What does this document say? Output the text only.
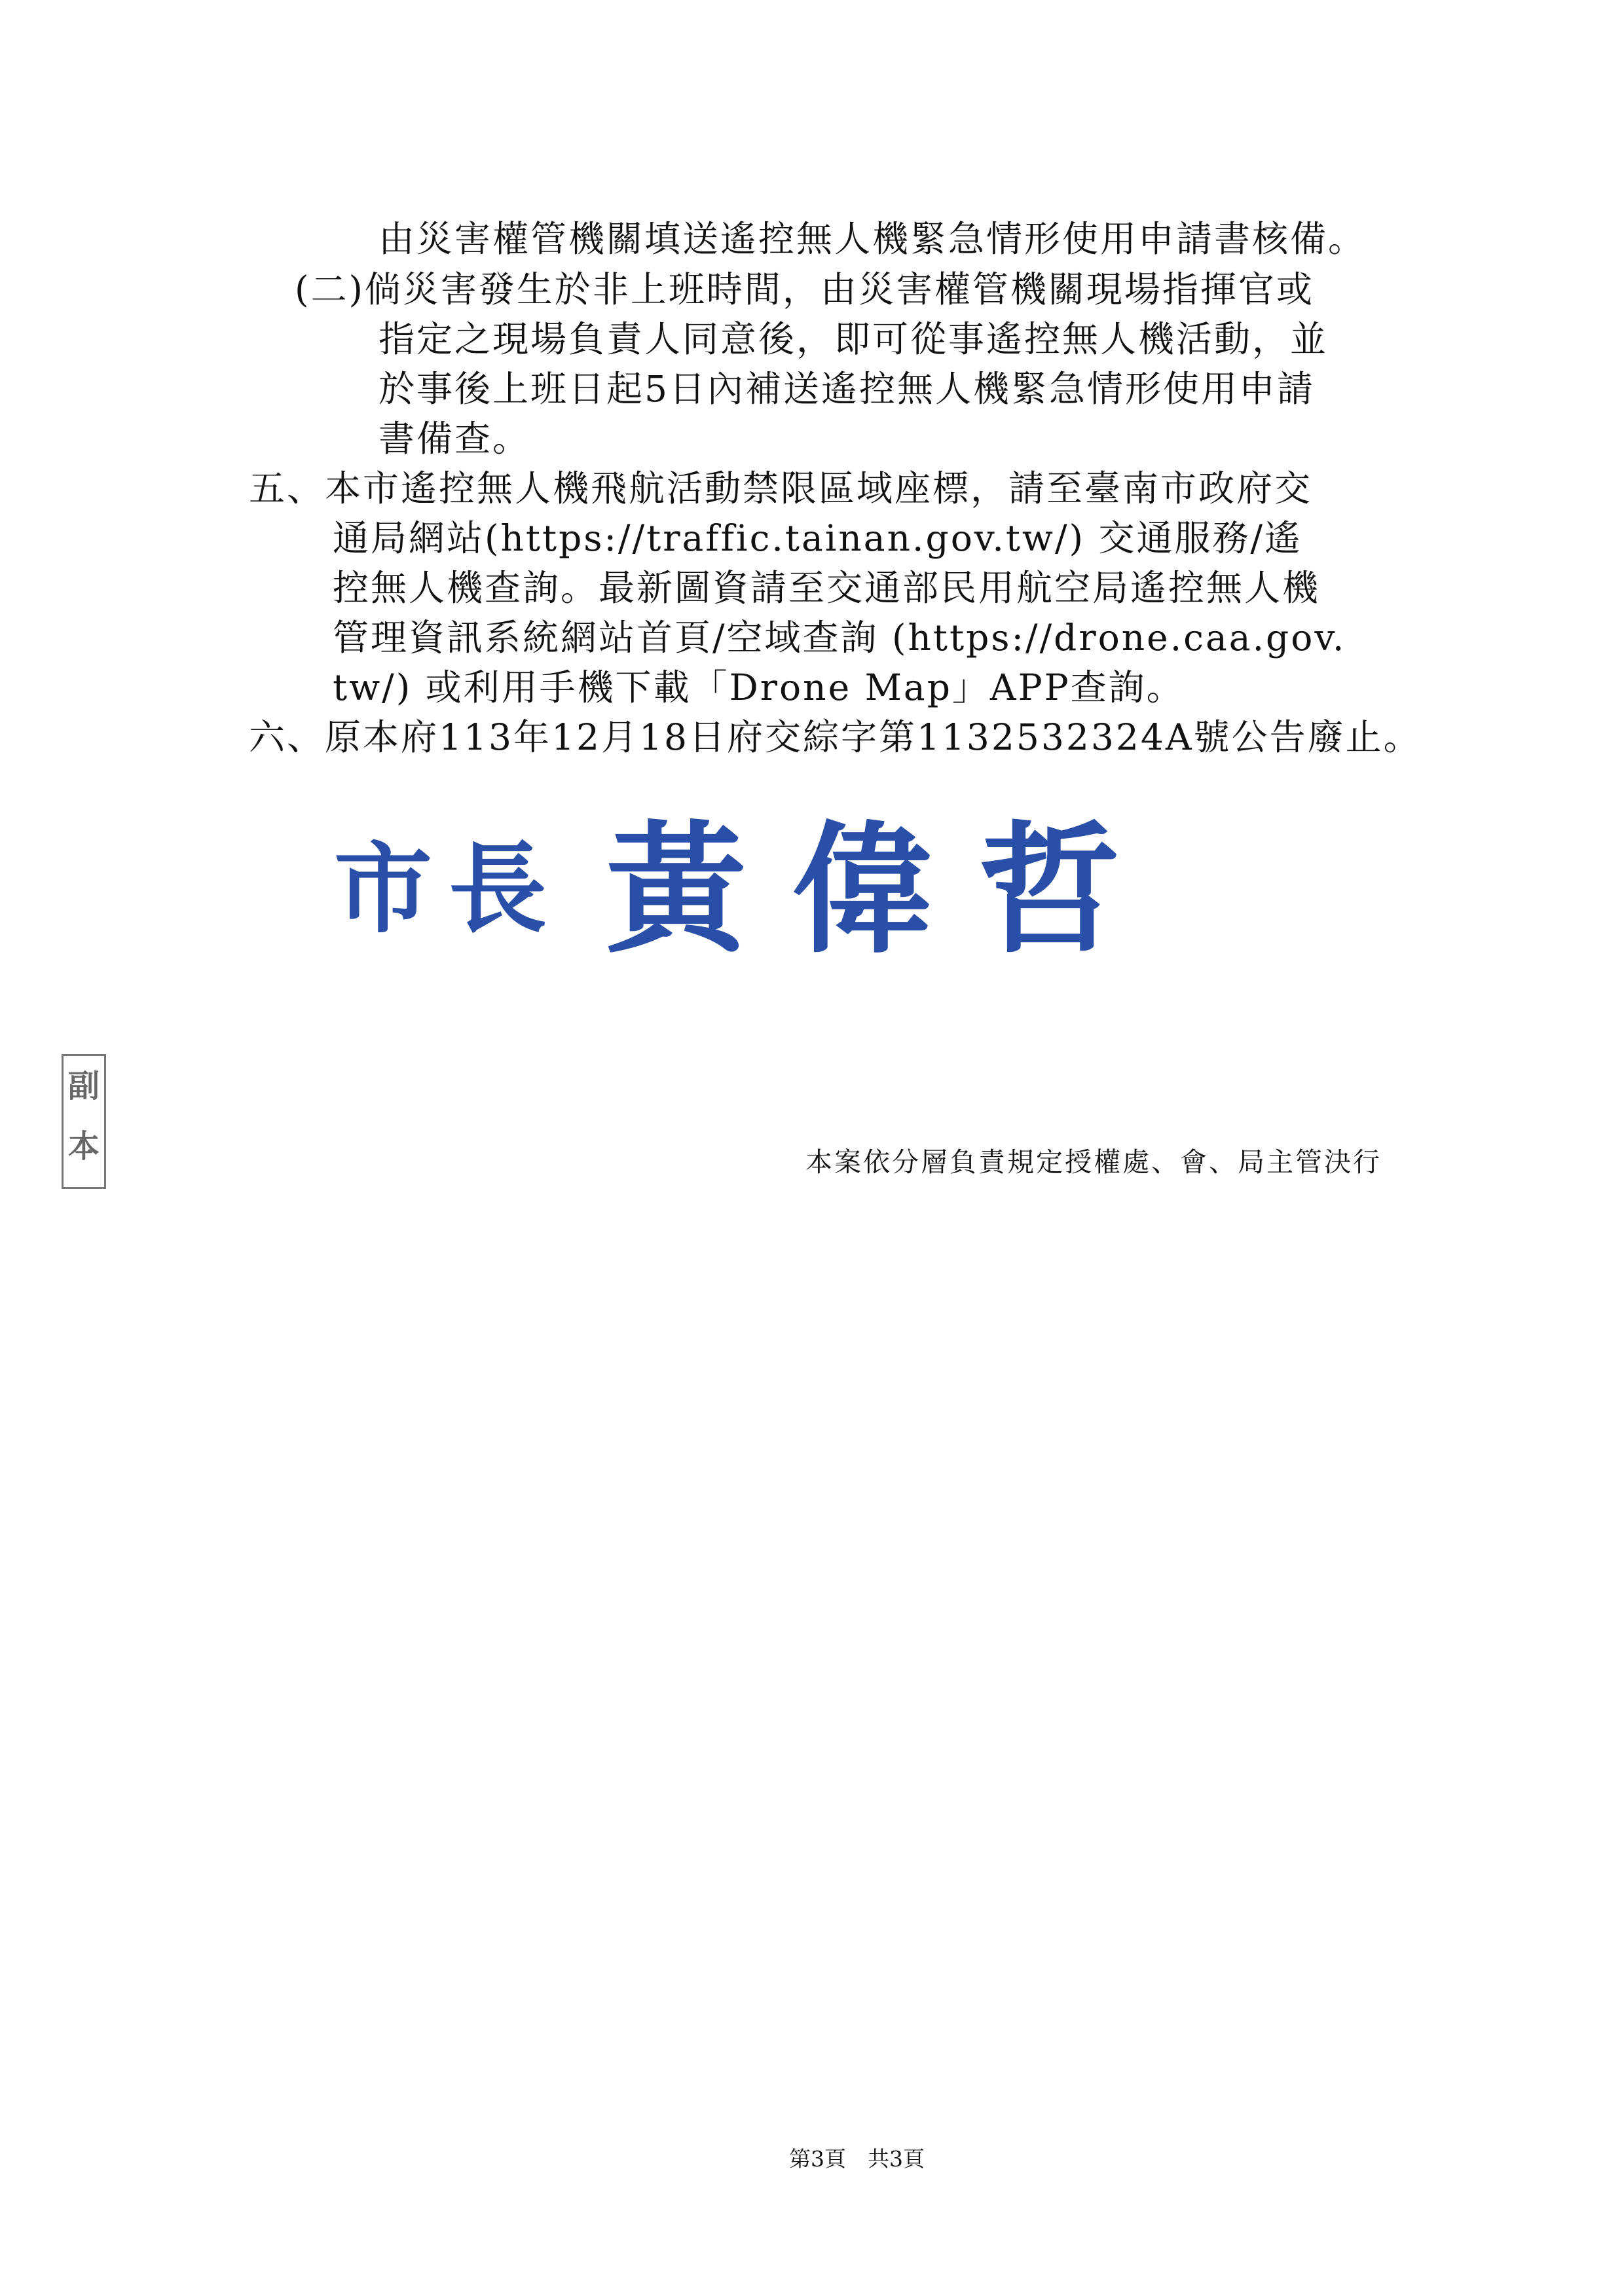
由災害權管機關填送遙控無人機緊急情形使用申請書核備。
(二)倘災害發生於非上班時間，由災害權管機關現場指揮官或
指定之現場負責人同意後，即可從事遙控無人機活動，並
於事後上班日起5日內補送遙控無人機緊急情形使用申請
書備查。
五、本市遙控無人機飛航活動禁限區域座標，請至臺南市政府交
通局網站(https://traffic.tainan.gov.tw/) 交通服務/遙
控無人機查詢。最新圖資請至交通部民用航空局遙控無人機
管理資訊系統網站首頁/空域查詢 (https://drone.caa.gov.
tw/) 或利用手機下載「Drone Map」APP查詢。
六、原本府113年12月18日府交綜字第1132532324A號公告廢止。
市 長 黃 偉 哲
副
本	本案依分層負責規定授權處、會、局主管決行
第3頁　共3頁
